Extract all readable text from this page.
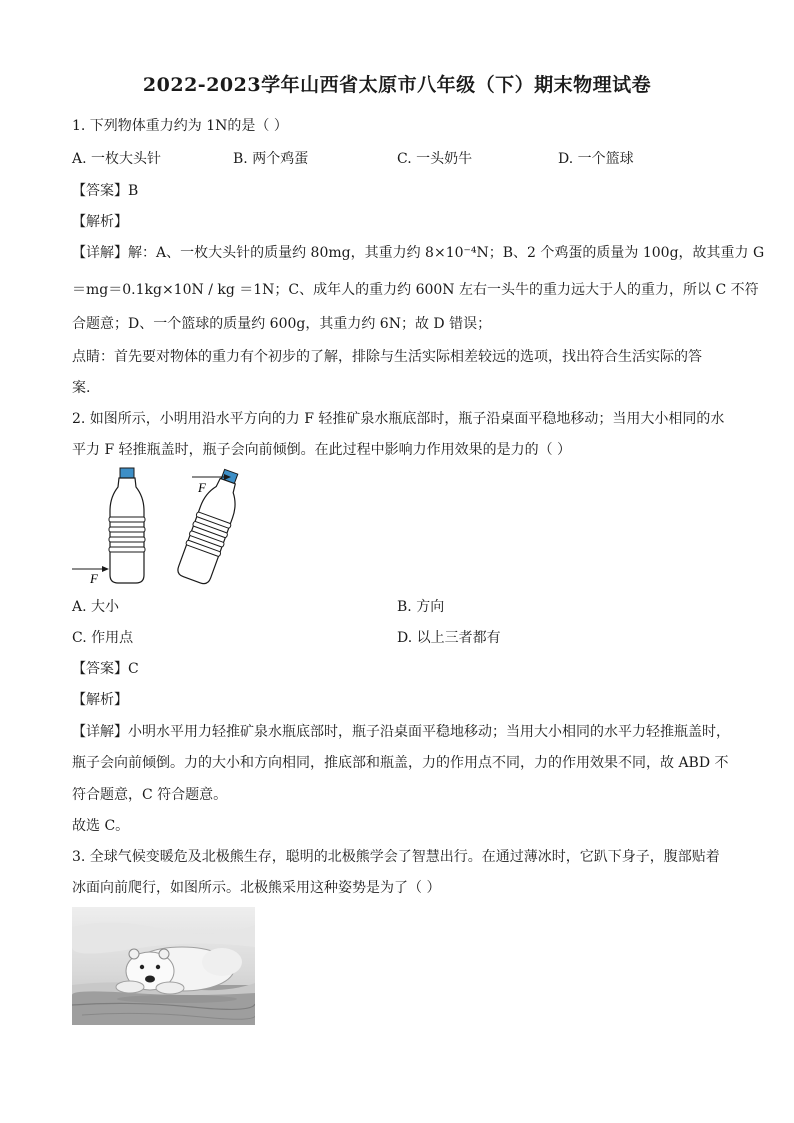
2022-2023学年山西省太原市八年级（下）期末物理试卷
1. 下列物体重力约为 1N的是（ ）
A. 一枚大头针	B. 两个鸡蛋	C. 一头奶牛	D. 一个篮球
【答案】B
【解析】
【详解】解：A、一枚大头针的质量约 80mg，其重力约 8×10⁻⁴N；B、2 个鸡蛋的质量为 100g，故其重力 G
＝mg＝0.1kg×10N / kg ＝1N；C、成年人的重力约 600N 左右一头牛的重力远大于人的重力，所以 C 不符
合题意；D、一个篮球的质量约 600g，其重力约 6N；故 D 错误；
点睛：首先要对物体的重力有个初步的了解，排除与生活实际相差较远的选项，找出符合生活实际的答
案.
2. 如图所示，小明用沿水平方向的力 F 轻推矿泉水瓶底部时，瓶子沿桌面平稳地移动；当用大小相同的水
平力 F 轻推瓶盖时，瓶子会向前倾倒。在此过程中影响力作用效果的是力的（ ）
F
F
A. 大小	B. 方向
C. 作用点	D. 以上三者都有
【答案】C
【解析】
【详解】小明水平用力轻推矿泉水瓶底部时，瓶子沿桌面平稳地移动；当用大小相同的水平力轻推瓶盖时，
瓶子会向前倾倒。力的大小和方向相同，推底部和瓶盖，力的作用点不同，力的作用效果不同，故 ABD 不
符合题意，C 符合题意。
故选 C。
3. 全球气候变暖危及北极熊生存，聪明的北极熊学会了智慧出行。在通过薄冰时，它趴下身子，腹部贴着
冰面向前爬行，如图所示。北极熊采用这种姿势是为了（ ）
